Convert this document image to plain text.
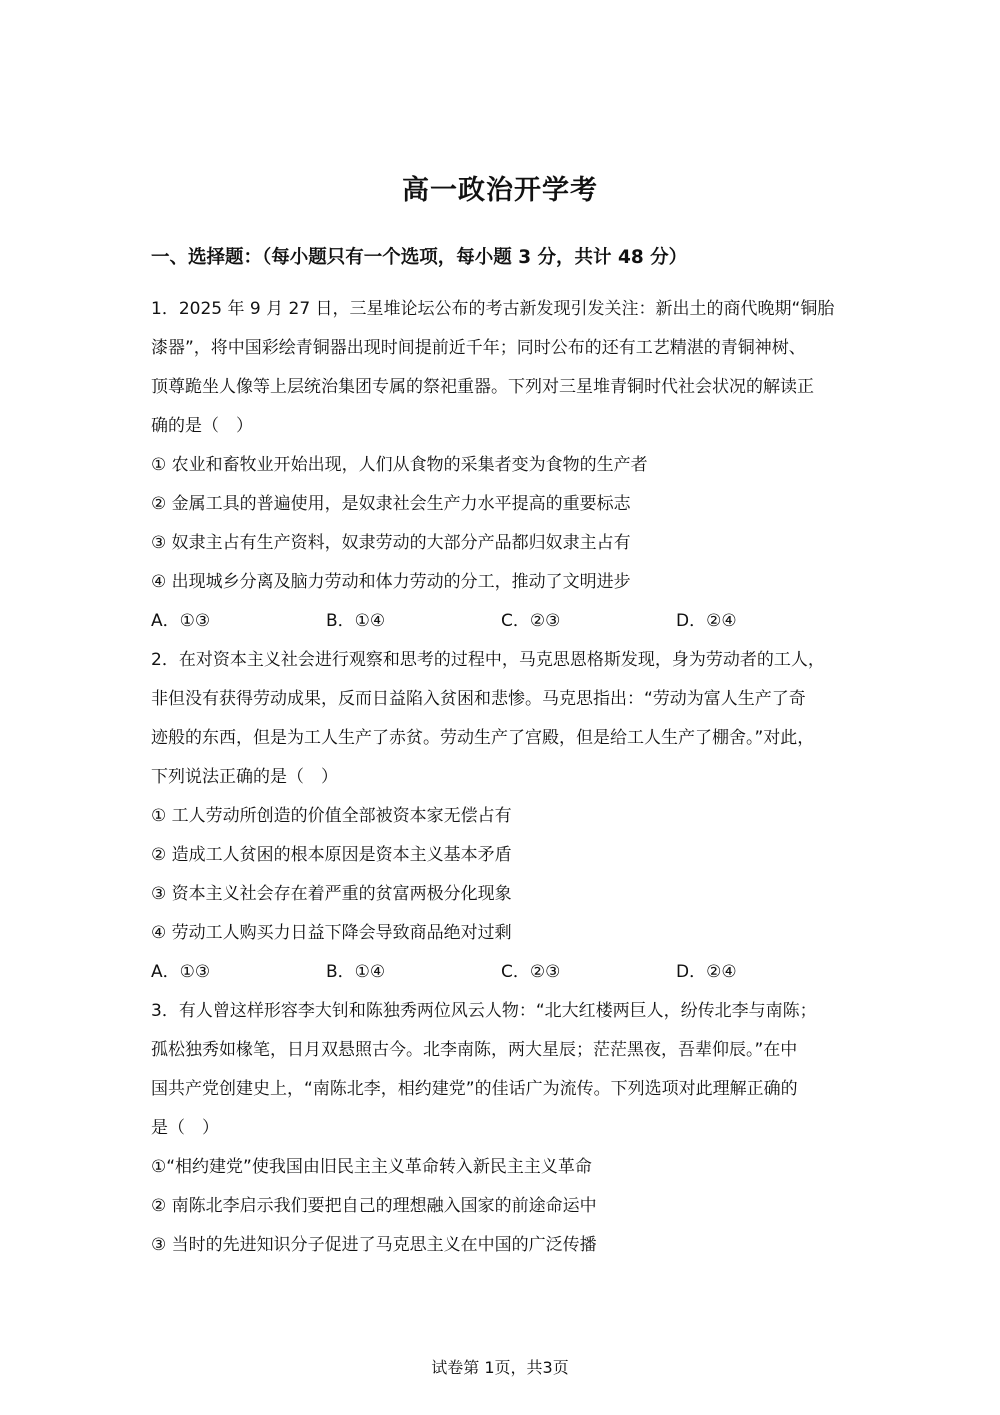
高一政治开学考
一、选择题：（每小题只有一个选项，每小题 3 分，共计 48 分）
1．2025 年 9 月 27 日，三星堆论坛公布的考古新发现引发关注：新出土的商代晚期“铜胎
漆器”，将中国彩绘青铜器出现时间提前近千年；同时公布的还有工艺精湛的青铜神树、
顶尊跪坐人像等上层统治集团专属的祭祀重器。下列对三星堆青铜时代社会状况的解读正
确的是（　）
① 农业和畜牧业开始出现，人们从食物的采集者变为食物的生产者
② 金属工具的普遍使用，是奴隶社会生产力水平提高的重要标志
③ 奴隶主占有生产资料，奴隶劳动的大部分产品都归奴隶主占有
④ 出现城乡分离及脑力劳动和体力劳动的分工，推动了文明进步
A．①③	B．①④	C．②③	D．②④
2．在对资本主义社会进行观察和思考的过程中，马克思恩格斯发现，身为劳动者的工人，
非但没有获得劳动成果，反而日益陷入贫困和悲惨。马克思指出：“劳动为富人生产了奇
迹般的东西，但是为工人生产了赤贫。劳动生产了宫殿，但是给工人生产了棚舍。”对此，
下列说法正确的是（　）
① 工人劳动所创造的价值全部被资本家无偿占有
② 造成工人贫困的根本原因是资本主义基本矛盾
③ 资本主义社会存在着严重的贫富两极分化现象
④ 劳动工人购买力日益下降会导致商品绝对过剩
A．①③	B．①④	C．②③	D．②④
3．有人曾这样形容李大钊和陈独秀两位风云人物：“北大红楼两巨人，纷传北李与南陈；
孤松独秀如椽笔，日月双悬照古今。北李南陈，两大星辰；茫茫黑夜，吾辈仰辰。”在中
国共产党创建史上，“南陈北李，相约建党”的佳话广为流传。下列选项对此理解正确的
是（　）
①“相约建党”使我国由旧民主主义革命转入新民主主义革命
② 南陈北李启示我们要把自己的理想融入国家的前途命运中
③ 当时的先进知识分子促进了马克思主义在中国的广泛传播
试卷第 1页，共3页
